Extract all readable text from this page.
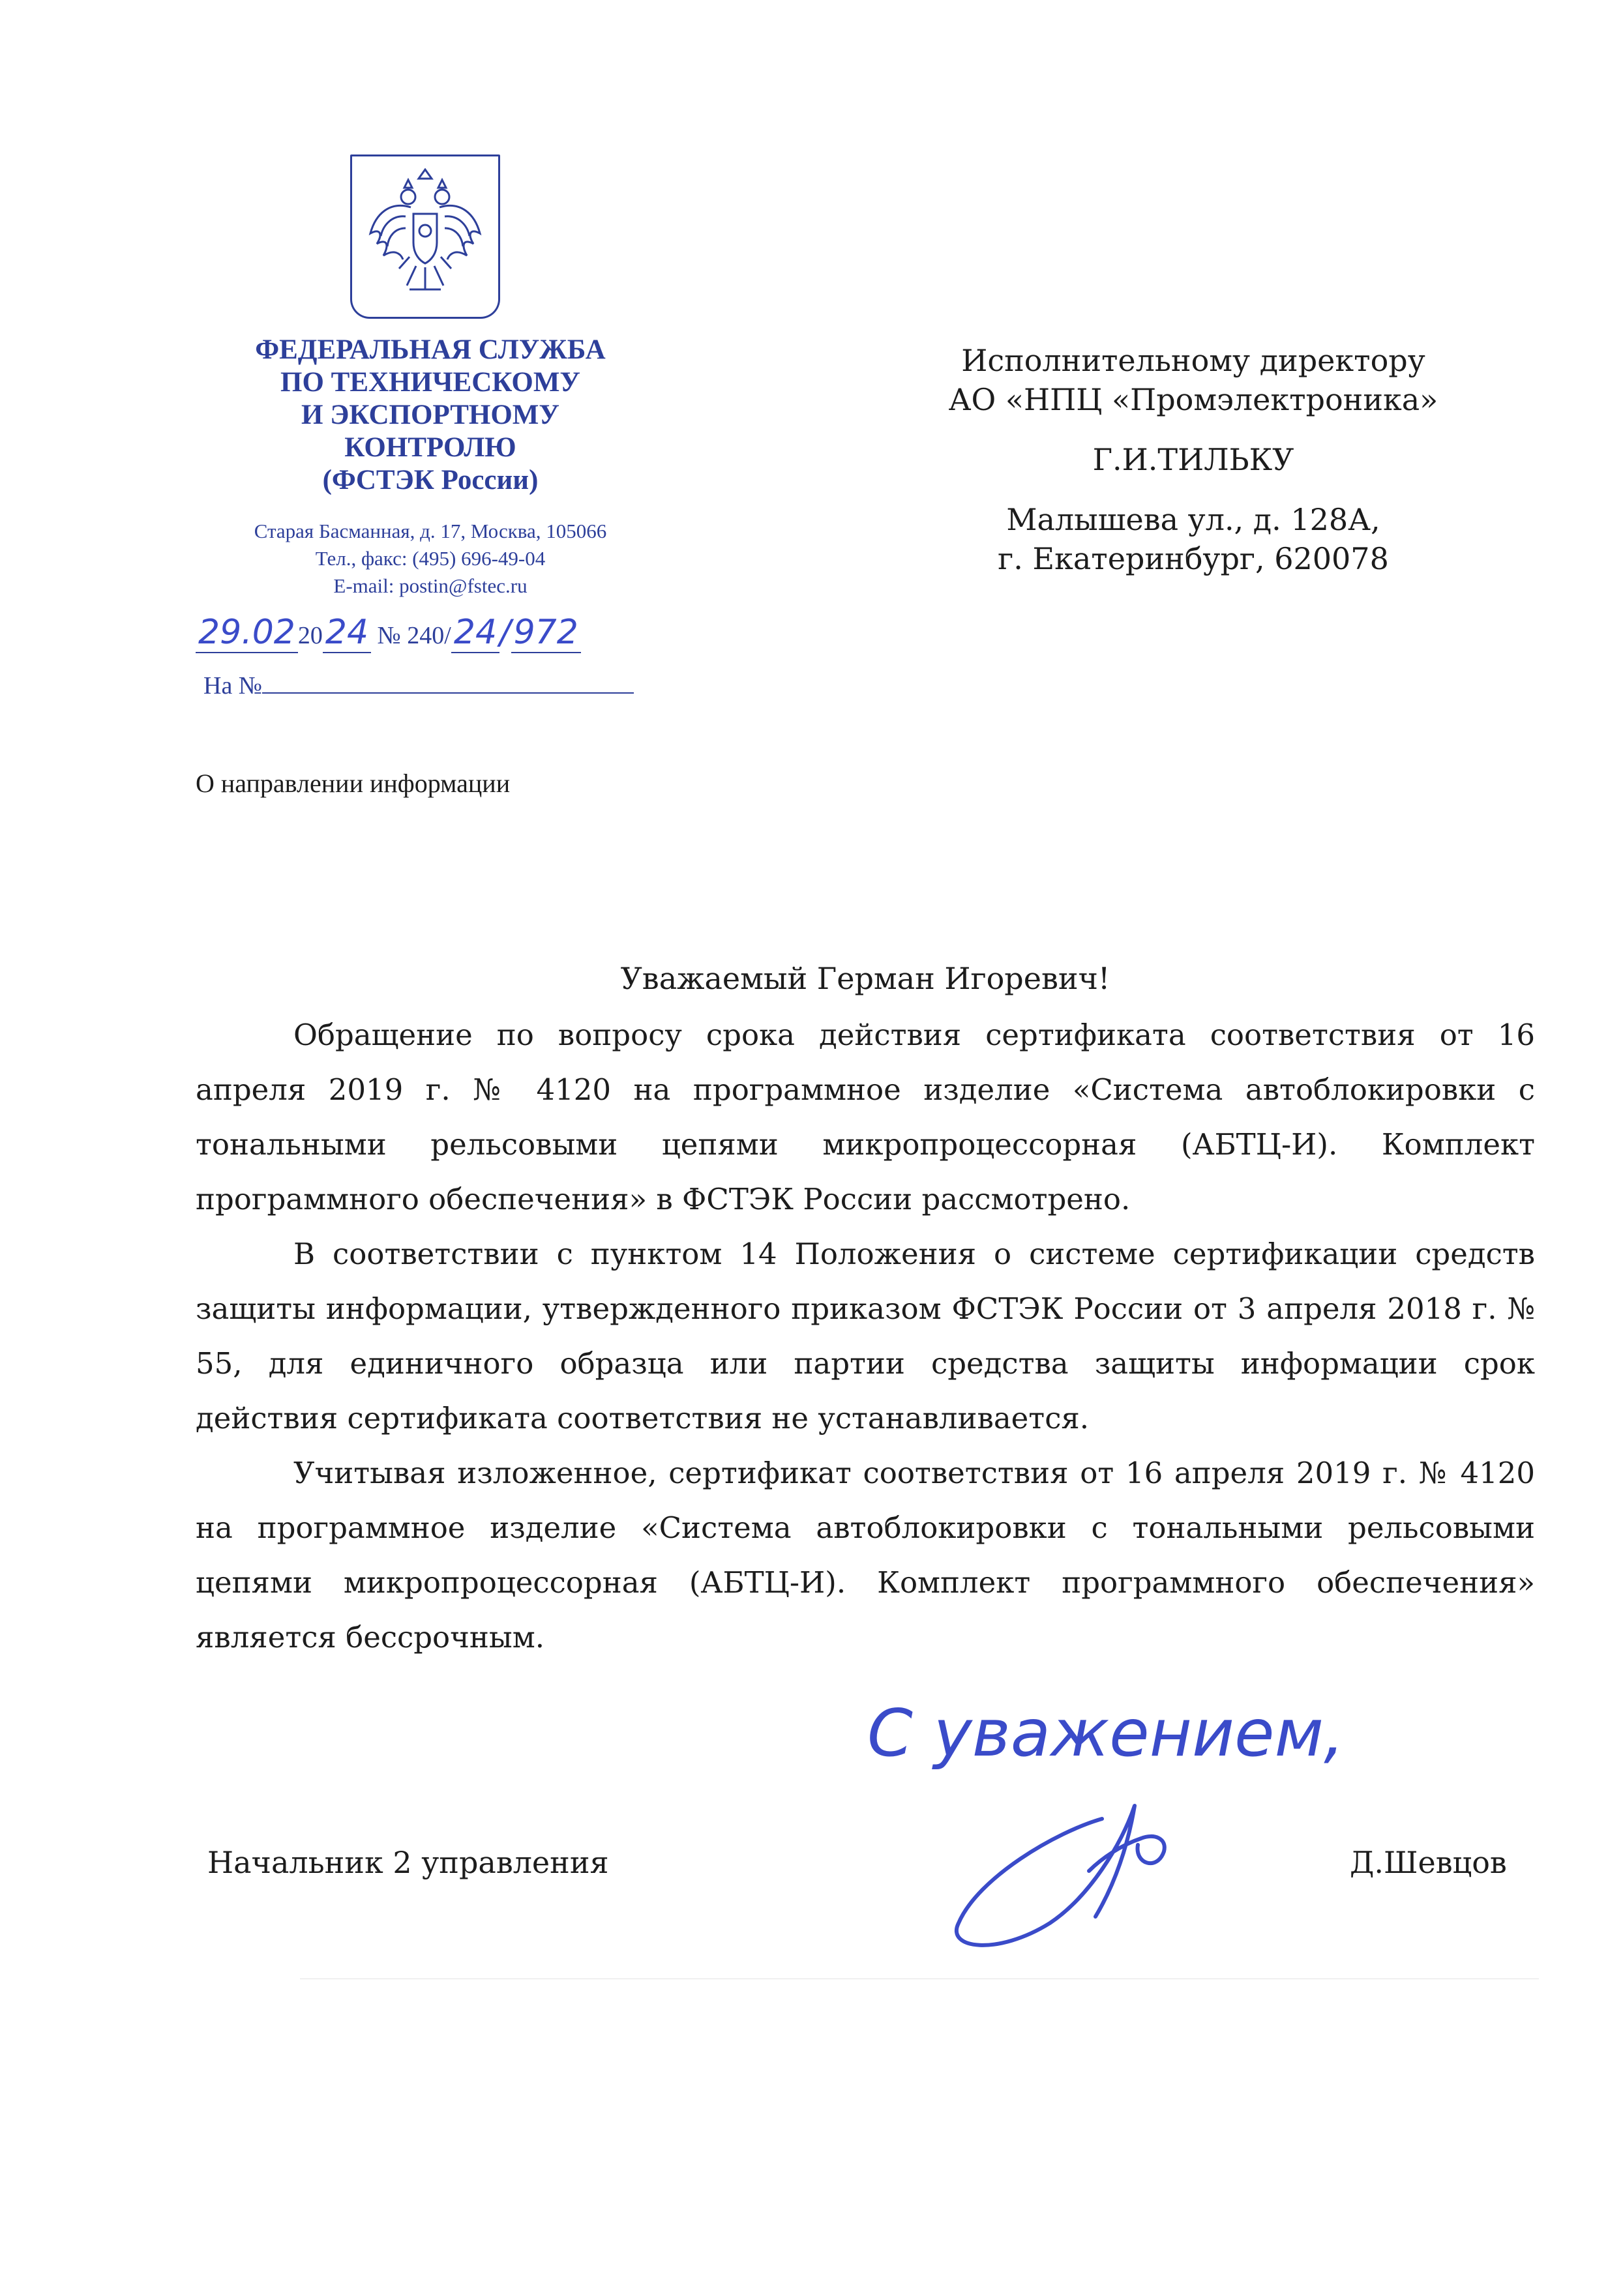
ФЕДЕРАЛЬНАЯ СЛУЖБА
ПО ТЕХНИЧЕСКОМУ
И ЭКСПОРТНОМУ
КОНТРОЛЮ
(ФСТЭК России)
Старая Басманная, д. 17, Москва, 105066
Тел., факс: (495) 696-49-04
E-mail: postin@fstec.ru
29.02 2024 № 240/24/972
На №
Исполнительному директору
АО «НПЦ «Промэлектроника»
Г.И.ТИЛЬКУ
Малышева ул., д. 128А,
г. Екатеринбург, 620078
О направлении информации
Уважаемый Герман Игоревич!

Обращение по вопросу срока действия сертификата соответствия от 16 апреля 2019 г. № 4120 на программное изделие «Система автоблокировки с тональными рельсовыми цепями микропроцессорная (АБТЦ-И). Комплект программного обеспечения» в ФСТЭК России рассмотрено.

В соответствии с пунктом 14 Положения о системе сертификации средств защиты информации, утвержденного приказом ФСТЭК России от 3 апреля 2018 г. № 55, для единичного образца или партии средства защиты информации срок действия сертификата соответствия не устанавливается.

Учитывая изложенное, сертификат соответствия от 16 апреля 2019 г. № 4120 на программное изделие «Система автоблокировки с тональными рельсовыми цепями микропроцессорная (АБТЦ-И). Комплект программного обеспечения» является бессрочным.

Начальник 2 управления
С уважением,
Д.Шевцов
